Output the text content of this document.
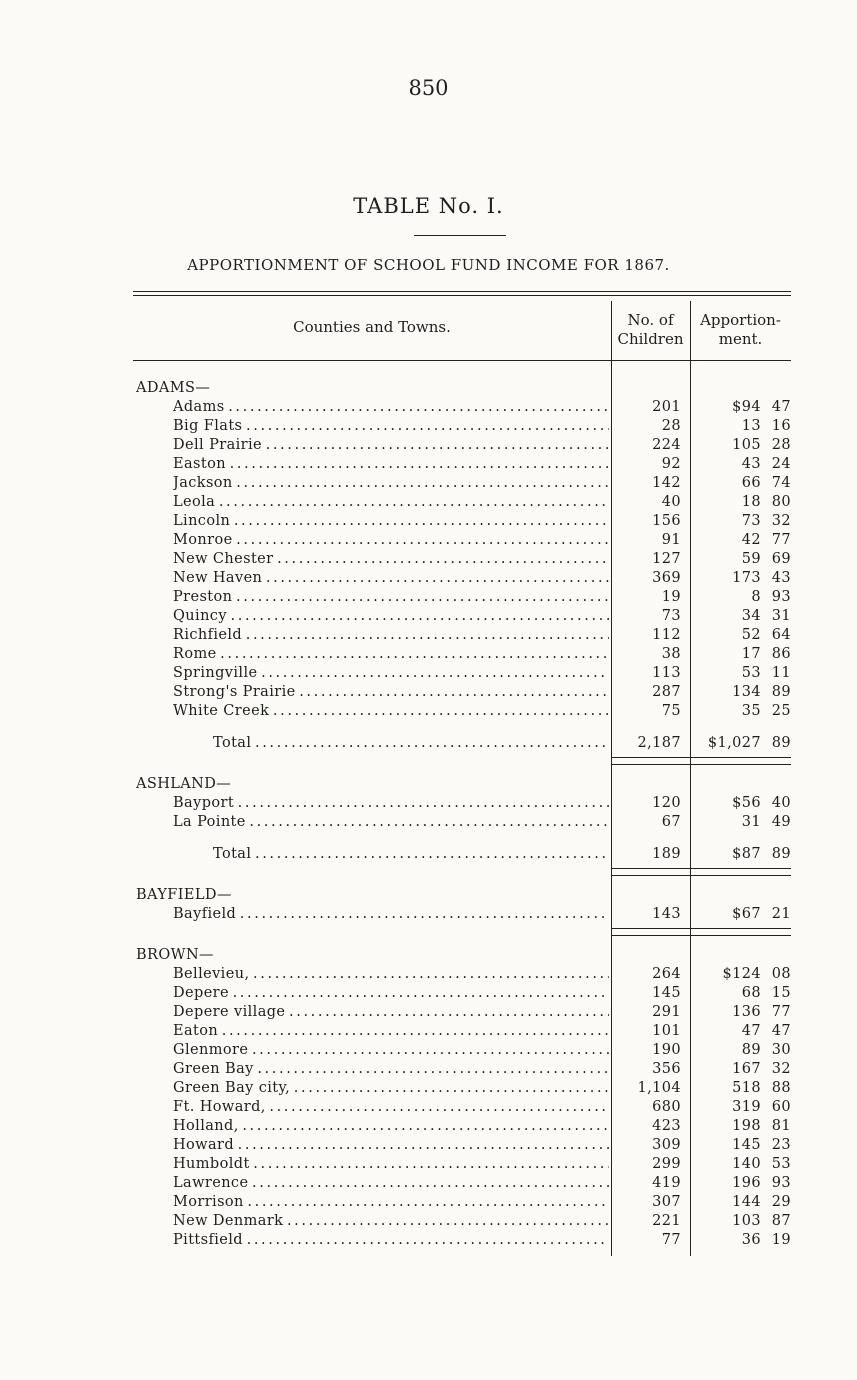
850
TABLE No. I.
APPORTIONMENT OF SCHOOL FUND INCOME FOR 1867.
Counties and Towns.	No. of
Children
Apportion-
ment.
ADAMS—
Adams . . .	201	$94 47
Big Flats . . .	28	13 16
Dell Prairie . . .	224	105 28
Easton . . .	92	43 24
Jackson . . .	142	66 74
Leola . . .	40	18 80
Lincoln . . .	156	73 32
Monroe . . .	91	42 77
New Chester . . .	127	59 69
New Haven . . .	369	173 43
Preston . . .	19	8 93
Quincy . . .	73	34 31
Richfield . . .	112	52 64
Rome . . .	38	17 86
Springville . . .	113	53 11
Strong's Prairie . . .	287	134 89
White Creek . . .	75	35 25
Total . . .	2,187	$1,027 89
ASHLAND—
Bayport . . .	120	$56 40
La Pointe . . .	67	31 49
Total . . .	189	$87 89
BAYFIELD—
Bayfield . . .	143	$67 21
BROWN—
Bellevieu, . . .	264	$124 08
Depere . . .	145	68 15
Depere village . . .	291	136 77
Eaton . . .	101	47 47
Glenmore . . .	190	89 30
Green Bay . . .	356	167 32
Green Bay city, . . .	1,104	518 88
Ft. Howard, . . .	680	319 60
Holland, . . .	423	198 81
Howard . . .	309	145 23
Humboldt . . .	299	140 53
Lawrence . . .	419	196 93
Morrison . . .	307	144 29
New Denmark . . .	221	103 87
Pittsfield . . .	77	36 19
